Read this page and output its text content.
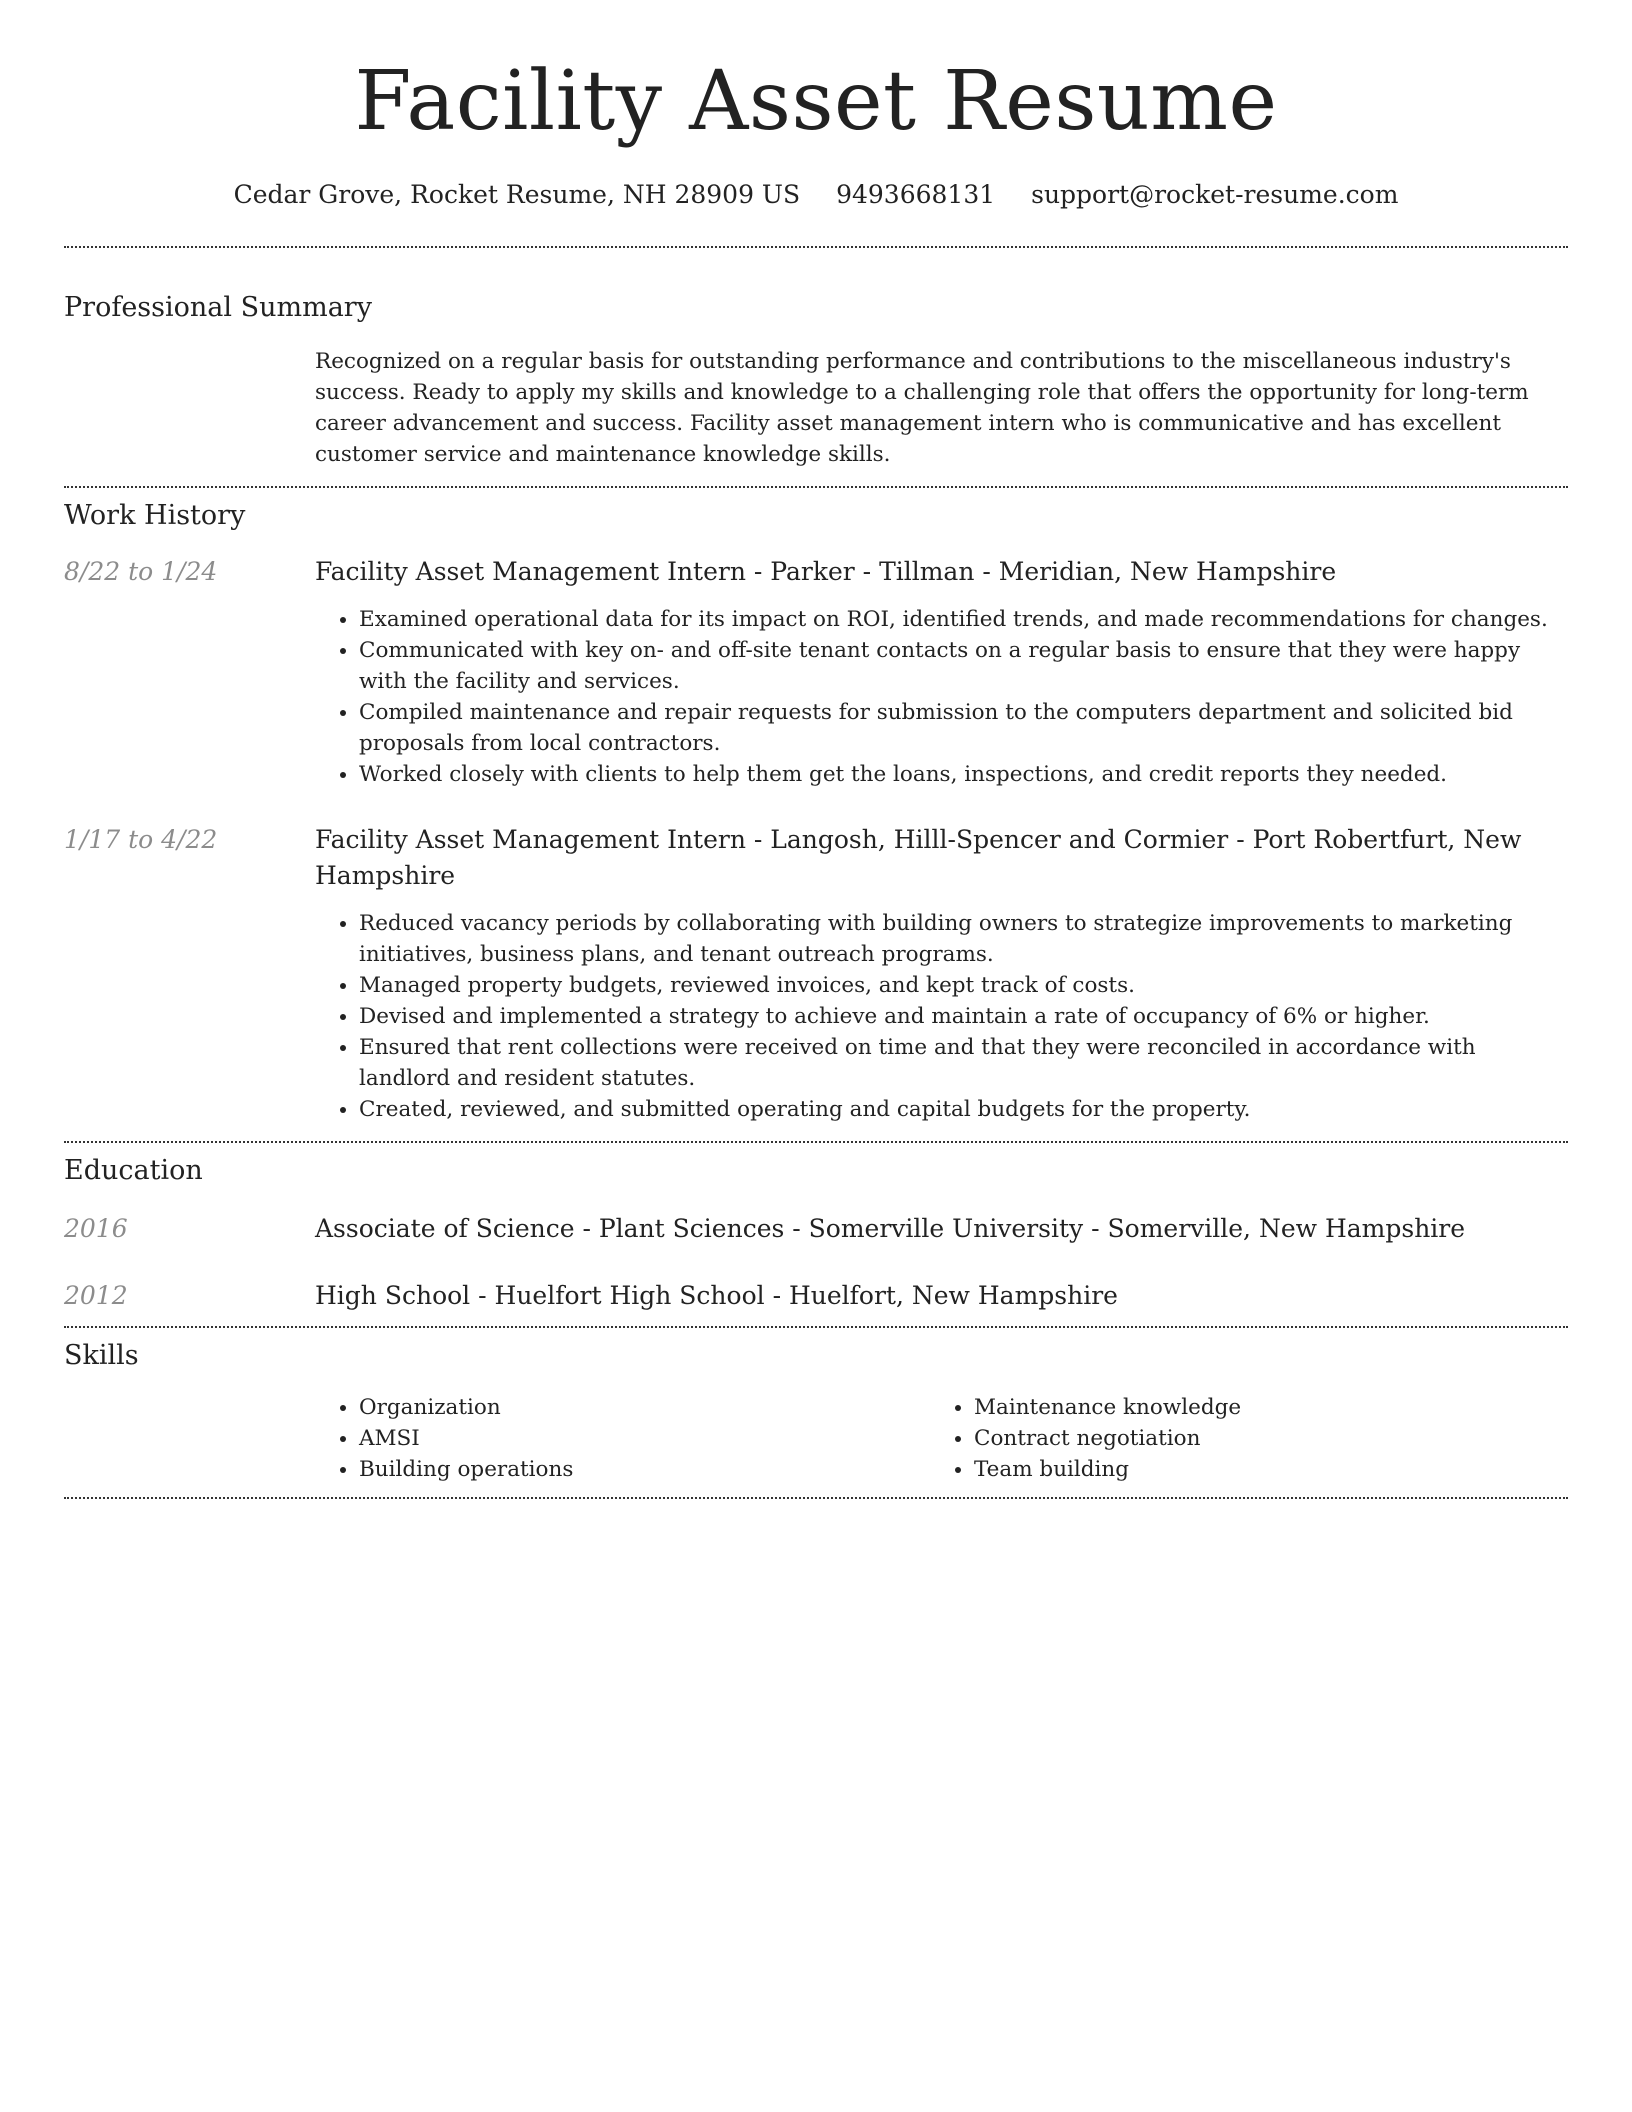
Facility Asset Resume
Cedar Grove, Rocket Resume, NH 28909 US 9493668131 support@rocket-resume.com
Professional Summary
Recognized on a regular basis for outstanding performance and contributions to the miscellaneous industry's success. Ready to apply my skills and knowledge to a challenging role that offers the opportunity for long-term career advancement and success. Facility asset management intern who is communicative and has excellent customer service and maintenance knowledge skills.
Work History
8/22 to 1/24	Facility Asset Management Intern - Parker - Tillman - Meridian, New Hampshire
• Examined operational data for its impact on ROI, identified trends, and made recommendations for changes.
• Communicated with key on- and off-site tenant contacts on a regular basis to ensure that they were happy with the facility and services.
• Compiled maintenance and repair requests for submission to the computers department and solicited bid proposals from local contractors.
• Worked closely with clients to help them get the loans, inspections, and credit reports they needed.
1/17 to 4/22	Facility Asset Management Intern - Langosh, Hilll-Spencer and Cormier - Port Robertfurt, New Hampshire
• Reduced vacancy periods by collaborating with building owners to strategize improvements to marketing initiatives, business plans, and tenant outreach programs.
• Managed property budgets, reviewed invoices, and kept track of costs.
• Devised and implemented a strategy to achieve and maintain a rate of occupancy of 6% or higher.
• Ensured that rent collections were received on time and that they were reconciled in accordance with landlord and resident statutes.
• Created, reviewed, and submitted operating and capital budgets for the property.
Education
2016	Associate of Science - Plant Sciences - Somerville University - Somerville, New Hampshire
2012	High School - Huelfort High School - Huelfort, New Hampshire
Skills
• Organization
• AMSI
• Building operations
• Maintenance knowledge
• Contract negotiation
• Team building
